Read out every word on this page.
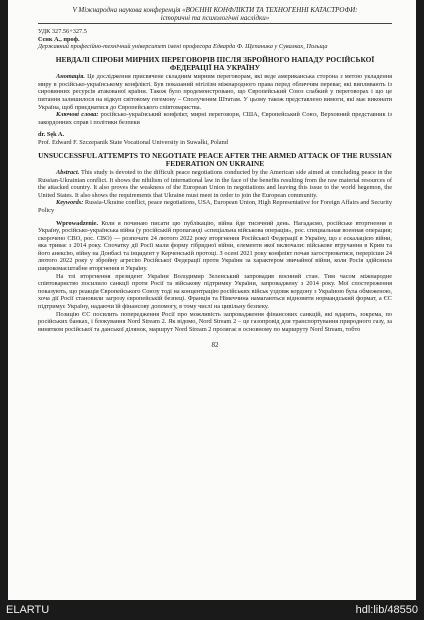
V Міжнародна наукова конференція «ВОЄННІ КОНФЛІКТИ ТА ТЕХНОГЕННІ КАТАСТРОФИ:
історичні та психологічні наслідки»

УДК 327.56+327.5

Сєнк А., проф.

Державний професійно-технічний університет імені професора Едварда Ф. Щепаника у Сувалках, Польща

НЕВДАЛІ СПРОБИ МИРНИХ ПЕРЕГОВОРІВ ПІСЛЯ ЗБРОЙНОГО НАПАДУ РОСІЙСЬКОЇ ФЕДЕРАЦІЇ НА УКРАЇНУ

Анотація. Це дослідження присвячене складним мирним переговорам, які веде американська сторона з метою укладення миру в російсько-українському конфлікті. Був показаний нігілізм міжнародного права перед обличчям переваг, які випливають із сировинних ресурсів атакованої країни. Також було продемонстровано, що Європейський Союз слабкий у переговорах і що це питання залишилося на відкуп світовому гегемону – Сполученим Штатам. У цьому також представлено вимоги, які має виконати Україна, щоб приєднатися до Європейського співтовариства.

Ключові слова: російсько-український конфлікт, мирні переговори, США, Європейський Союз, Верховний представник із закордонних справ і політики безпеки

dr. Sęk A.

Prof. Edward F. Szczepanik State Vocational University in Suwałki, Poland

UNSUCCESSFUL ATTEMPTS TO NEGOTIATE PEACE AFTER THE ARMED ATTACK OF THE RUSSIAN FEDERATION ON UKRAINE

Abstract. This study is devoted to the difficult peace negotiations conducted by the American side aimed at concluding peace in the Russian-Ukrainian conflict. It shows the nihilism of international law in the face of the benefits resulting from the raw material resources of the attacked country. It also proves the weakness of the European Union in negotiations and leaving this issue to the world hegemon, the United States. It also shows the requirements that Ukraine must meet in order to join the European community.

Keywords: Russia-Ukraine conflict, peace negotiations, USA, European Union, High Representative for Foreign Affairs and Security Policy

Wprowadzenie. Коли я починаю писати цю публікацію, війна йде тисячний день. Нагадаємо, російське вторгнення в Україну, російсько-українська війна (у російській пропаганді «спеціальна військова операція», рос. специальная военная операция; скорочено СВО, рос. СВО) — розпочате 24 лютого 2022 року вторгнення Російської Федерації в Україну, що є ескалацією війни, яка триває з 2014 року. Спочатку дії Росії мали форму гібридної війни, елементи якої включали: військове втручання в Крим та його анексію, війну на Донбасі та інцидент у Керченській протоці. З осені 2021 року конфлікт почав загострюватися, перерісши 24 лютого 2022 року у збройну агресію Російської Федерації проти України за характером звичайної війни, коли Росія здійснила широкомасштабне вторгнення в Україну.

На тлі вторгнення президент України Володимир Зеленський запровадив воєнний стан. Тим часом міжнародне співтовариство посилило санкції проти Росії та військову підтримку України, запроваджену з 2014 року. Мої спостереження показують, що реакція Європейського Союзу тоді на концентрацію російських військ уздовж кордону з Україною була обмеженою, хоча дії Росії становили загрозу європейській безпеці. Франція та Німеччина намагаються відновити нормандський формат, а ЄС підтримує Україну, надаючи їй фінансову допомогу, в тому числі на цивільну безпеку.

Позицію ЄС посилить попередження Росії про можливість запровадження фінансових санкцій, які вдарять, зокрема, по російських банках, і блокування Nord Stream 2. Як відомо, Nord Stream 2 – це газопровід для транспортування природного газу, за винятком російської та данської ділянок, маршрут Nord Stream 2 пролягає в основному по маршруту Nord Stream, тобто

82
ELARTU	hdl:lib/48550
